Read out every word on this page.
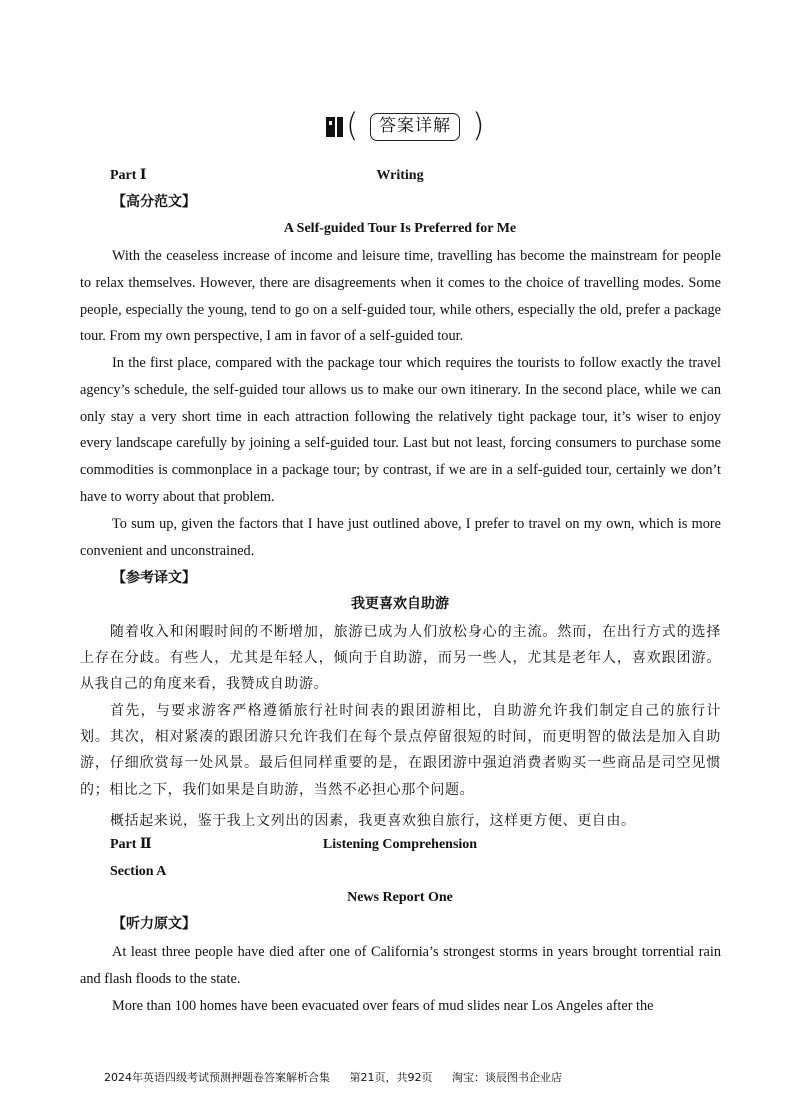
(	答案详解 )
Part Ⅰ	Writing
【高分范文】
A Self-guided Tour Is Preferred for Me

With the ceaseless increase of income and leisure time, travelling has become the mainstream for people to relax themselves. However, there are disagreements when it comes to the choice of travelling modes. Some people, especially the young, tend to go on a self-guided tour, while others, especially the old, prefer a package tour. From my own perspective, I am in favor of a self-guided tour.

In the first place, compared with the package tour which requires the tourists to follow exactly the travel agency’s schedule, the self-guided tour allows us to make our own itinerary. In the second place, while we can only stay a very short time in each attraction following the relatively tight package tour, it’s wiser to enjoy every landscape carefully by joining a self-guided tour. Last but not least, forcing consumers to purchase some commodities is commonplace in a package tour; by contrast, if we are in a self-guided tour, certainly we don’t have to worry about that problem.

To sum up, given the factors that I have just outlined above, I prefer to travel on my own, which is more convenient and unconstrained.

【参考译文】
我更喜欢自助游

随着收入和闲暇时间的不断增加，旅游已成为人们放松身心的主流。然而，在出行方式的选择上存在分歧。有些人，尤其是年轻人，倾向于自助游，而另一些人，尤其是老年人，喜欢跟团游。从我自己的角度来看，我赞成自助游。

首先，与要求游客严格遵循旅行社时间表的跟团游相比，自助游允许我们制定自己的旅行计划。其次，相对紧凑的跟团游只允许我们在每个景点停留很短的时间，而更明智的做法是加入自助游，仔细欣赏每一处风景。最后但同样重要的是，在跟团游中强迫消费者购买一些商品是司空见惯的；相比之下，我们如果是自助游，当然不必担心那个问题。

概括起来说，鉴于我上文列出的因素，我更喜欢独自旅行，这样更方便、更自由。

Part Ⅱ	Listening Comprehension
Section A
News Report One
【听力原文】

At least three people have died after one of California’s strongest storms in years brought torrential rain and flash floods to the state.

More than 100 homes have been evacuated over fears of mud slides near Los Angeles after the

2024年英语四级考试预测押题卷答案解析合集 第21页，共92页 淘宝：谈辰图书企业店
